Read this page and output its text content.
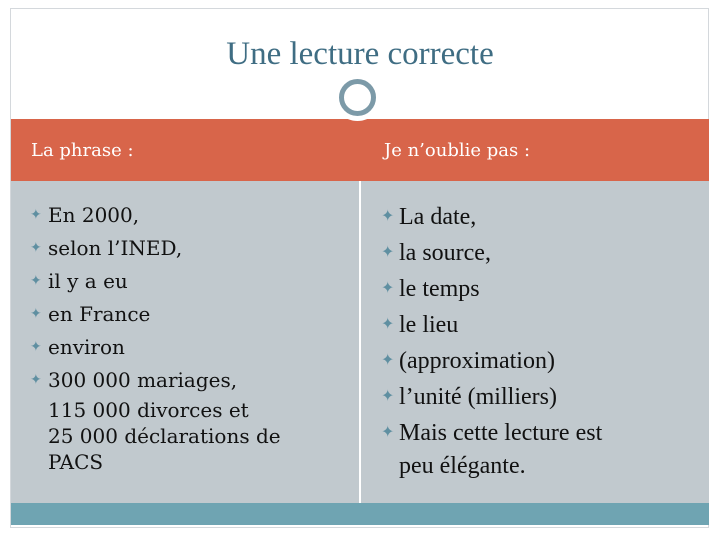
Une lecture correcte
La phrase :	Je n’oublie pas :
✦ En 2000,
✦ selon l’INED,
✦ il y a eu
✦ en France
✦ environ
✦ 300 000 mariages,
115 000 divorces et
25 000 déclarations de
PACS
✦ La date,
✦ la source,
✦ le temps
✦ le lieu
✦ (approximation)
✦ l’unité (milliers)
✦ Mais cette lecture est
peu élégante.
